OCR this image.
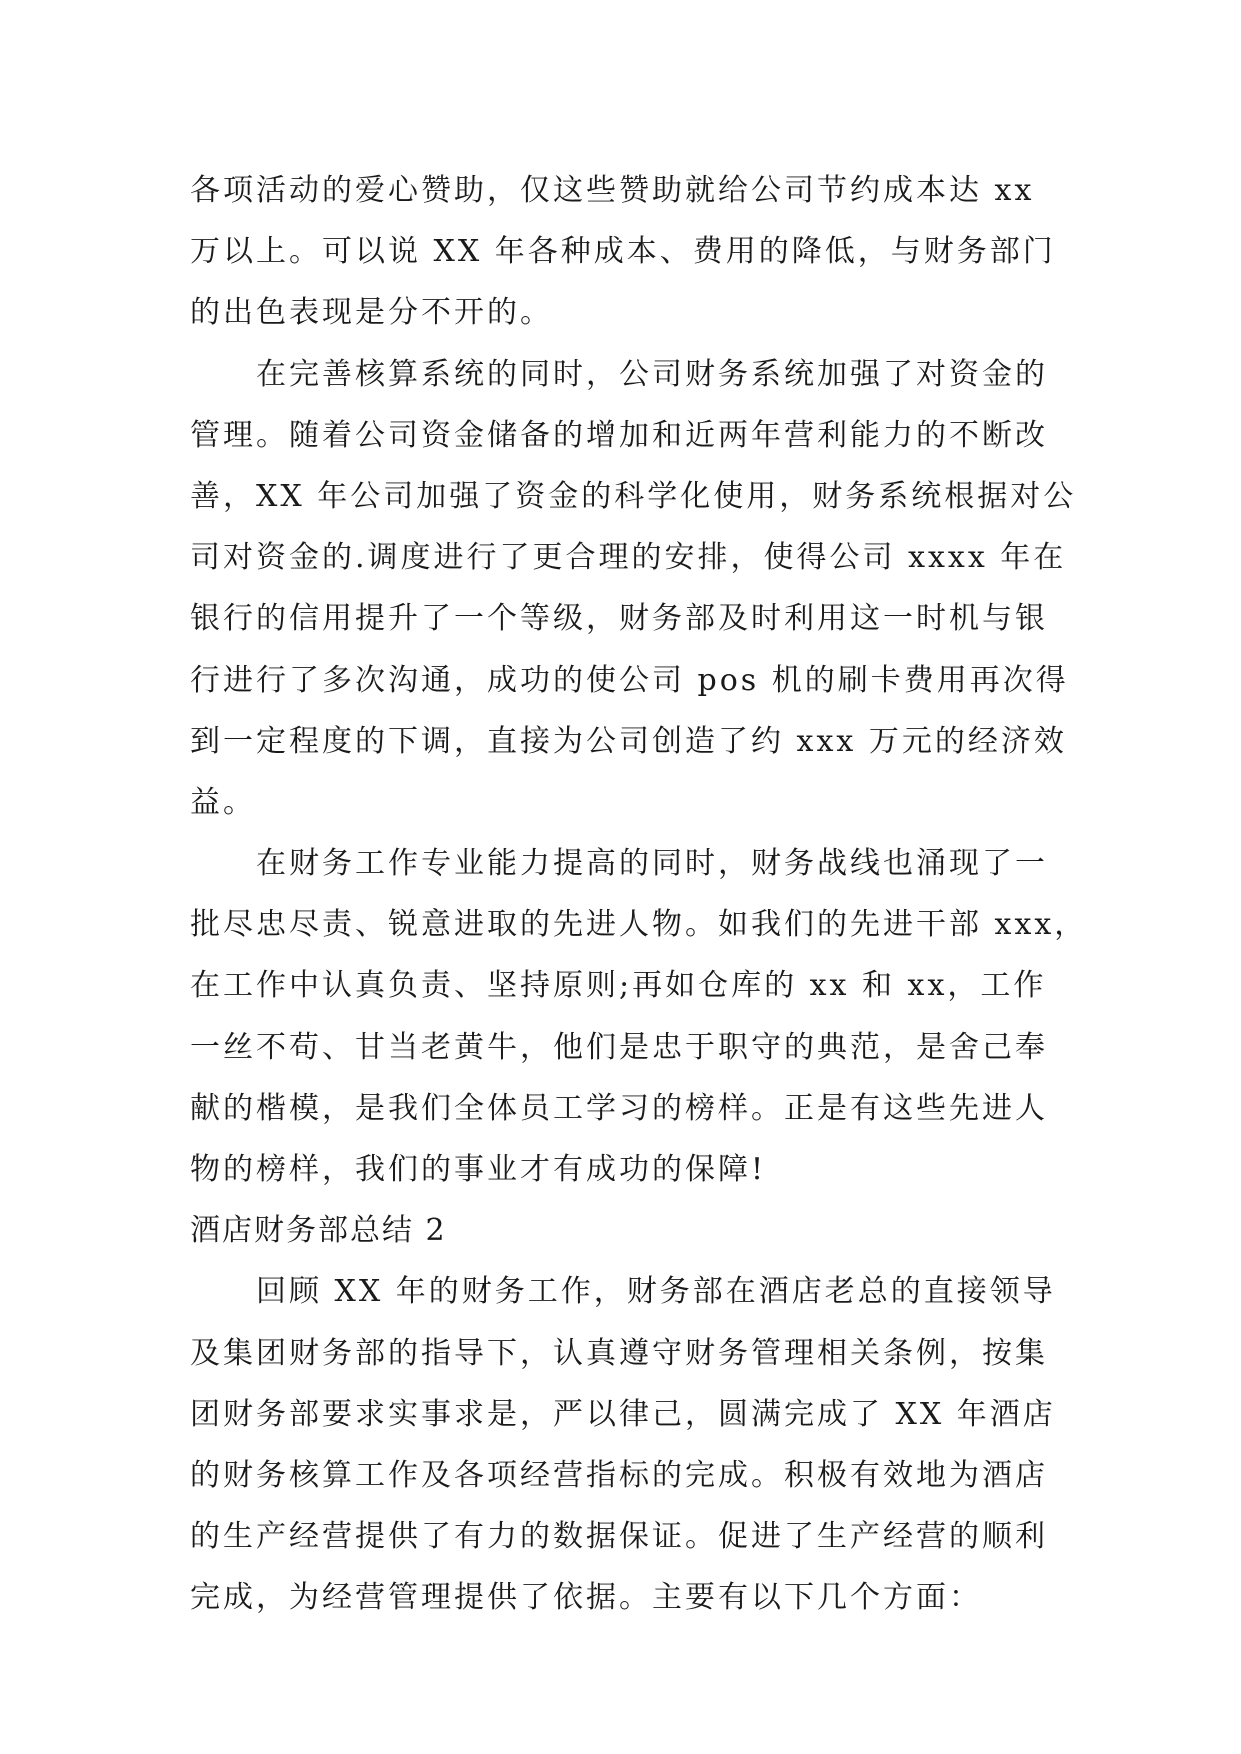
各项活动的爱心赞助，仅这些赞助就给公司节约成本达 xx
万以上。可以说 XX 年各种成本、费用的降低，与财务部门
的出色表现是分不开的。
在完善核算系统的同时，公司财务系统加强了对资金的
管理。随着公司资金储备的增加和近两年营利能力的不断改
善，XX 年公司加强了资金的科学化使用，财务系统根据对公
司对资金的.调度进行了更合理的安排，使得公司 xxxx 年在
银行的信用提升了一个等级，财务部及时利用这一时机与银
行进行了多次沟通，成功的使公司 pos 机的刷卡费用再次得
到一定程度的下调，直接为公司创造了约 xxx 万元的经济效
益。
在财务工作专业能力提高的同时，财务战线也涌现了一
批尽忠尽责、锐意进取的先进人物。如我们的先进干部 xxx，
在工作中认真负责、坚持原则;再如仓库的 xx 和 xx，工作
一丝不苟、甘当老黄牛，他们是忠于职守的典范，是舍己奉
献的楷模，是我们全体员工学习的榜样。正是有这些先进人
物的榜样，我们的事业才有成功的保障!
酒店财务部总结 2
回顾 XX 年的财务工作，财务部在酒店老总的直接领导
及集团财务部的指导下，认真遵守财务管理相关条例，按集
团财务部要求实事求是，严以律己，圆满完成了 XX 年酒店
的财务核算工作及各项经营指标的完成。积极有效地为酒店
的生产经营提供了有力的数据保证。促进了生产经营的顺利
完成，为经营管理提供了依据。主要有以下几个方面：
